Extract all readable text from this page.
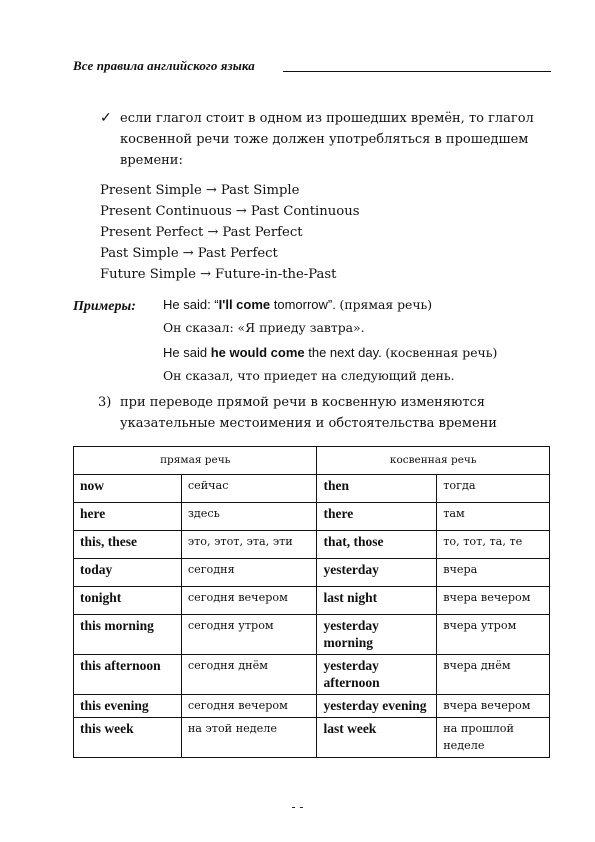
Все правила английского языка
✓ если глагол стоит в одном из прошедших времён, то глагол косвенной речи тоже должен употребляться в прошедшем времени:
Present Simple → Past Simple
Present Continuous → Past Continuous
Present Perfect → Past Perfect
Past Simple → Past Perfect
Future Simple → Future-in-the-Past
Примеры: He said: “I'll come tomorrow”. (прямая речь)
Он сказал: «Я приеду завтра».
He said he would come the next day. (косвенная речь)
Он сказал, что приедет на следующий день.
3) при переводе прямой речи в косвенную изменяются указательные местоимения и обстоятельства времени
прямая речь		косвенная речь	
now	сейчас	then	тогда
here	здесь	there	там
this, these	это, этот, эта, эти	that, those	то, тот, та, те
today	сегодня	yesterday	вчера
tonight	сегодня вечером	last night	вчера вечером
this morning	сегодня утром	yesterday morning	вчера утром
this afternoon	сегодня днём	yesterday afternoon	вчера днём
this evening	сегодня вечером	yesterday evening	вчера вечером
this week	на этой неделе	last week	на прошлой неделе
- -
